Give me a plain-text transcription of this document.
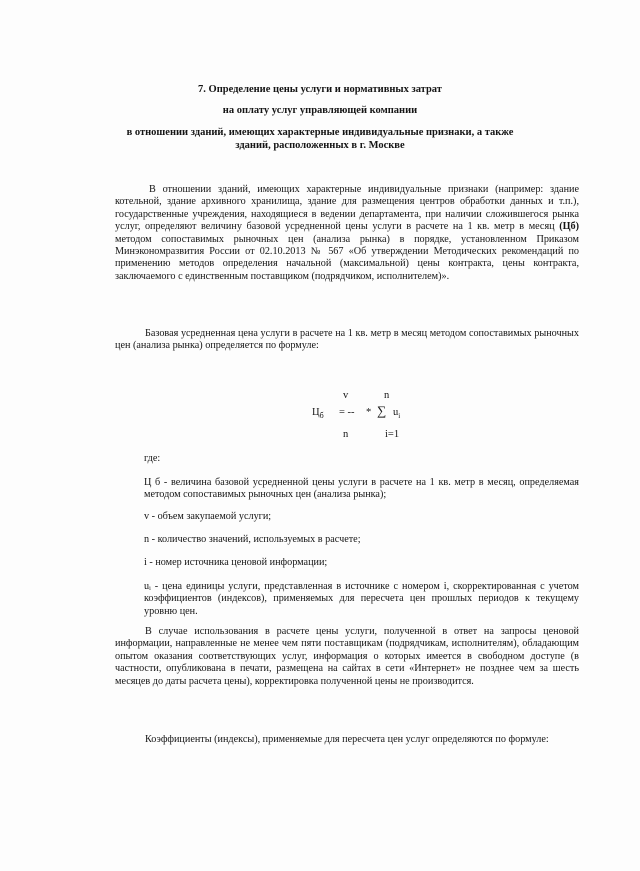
7. Определение цены услуги и нормативных затрат
на оплату услуг управляющей компании
в отношении зданий, имеющих характерные индивидуальные признаки, а также
зданий, расположенных в г. Москве
В отношении зданий, имеющих характерные индивидуальные признаки (например: здание котельной, здание архивного хранилища, здание для размещения центров обработки данных и т.п.), государственные учреждения, находящиеся в ведении департамента, при наличии сложившегося рынка услуг, определяют величину базовой усредненной цены услуги в расчете на 1 кв. метр в месяц (Цб) методом сопоставимых рыночных цен (анализа рынка) в порядке, установленном Приказом Минэкономразвития России от 02.10.2013 № 567 «Об утверждении Методических рекомендаций по применению методов определения начальной (максимальной) цены контракта, цены контракта, заключаемого с единственным поставщиком (подрядчиком, исполнителем)».
Базовая усредненная цена услуги в расчете на 1 кв. метр в месяц методом сопоставимых рыночных цен (анализа рынка) определяется по формуле:
v	n
$Ц_б$ = -- * ∑ $u_i$
n	i=1
где:
Ц б - величина базовой усредненной цены услуги в расчете на 1 кв. метр в месяц, определяемая методом сопоставимых рыночных цен (анализа рынка);
v - объем закупаемой услуги;
n - количество значений, используемых в расчете;
i - номер источника ценовой информации;
uᵢ - цена единицы услуги, представленная в источнике с номером i, скорректированная с учетом коэффициентов (индексов), применяемых для пересчета цен прошлых периодов к текущему уровню цен.
В случае использования в расчете цены услуги, полученной в ответ на запросы ценовой информации, направленные не менее чем пяти поставщикам (подрядчикам, исполнителям), обладающим опытом оказания соответствующих услуг, информация о которых имеется в свободном доступе (в частности, опубликована в печати, размещена на сайтах в сети «Интернет» не позднее чем за шесть месяцев до даты расчета цены), корректировка полученной цены не производится.
Коэффициенты (индексы), применяемые для пересчета цен услуг определяются по формуле:
